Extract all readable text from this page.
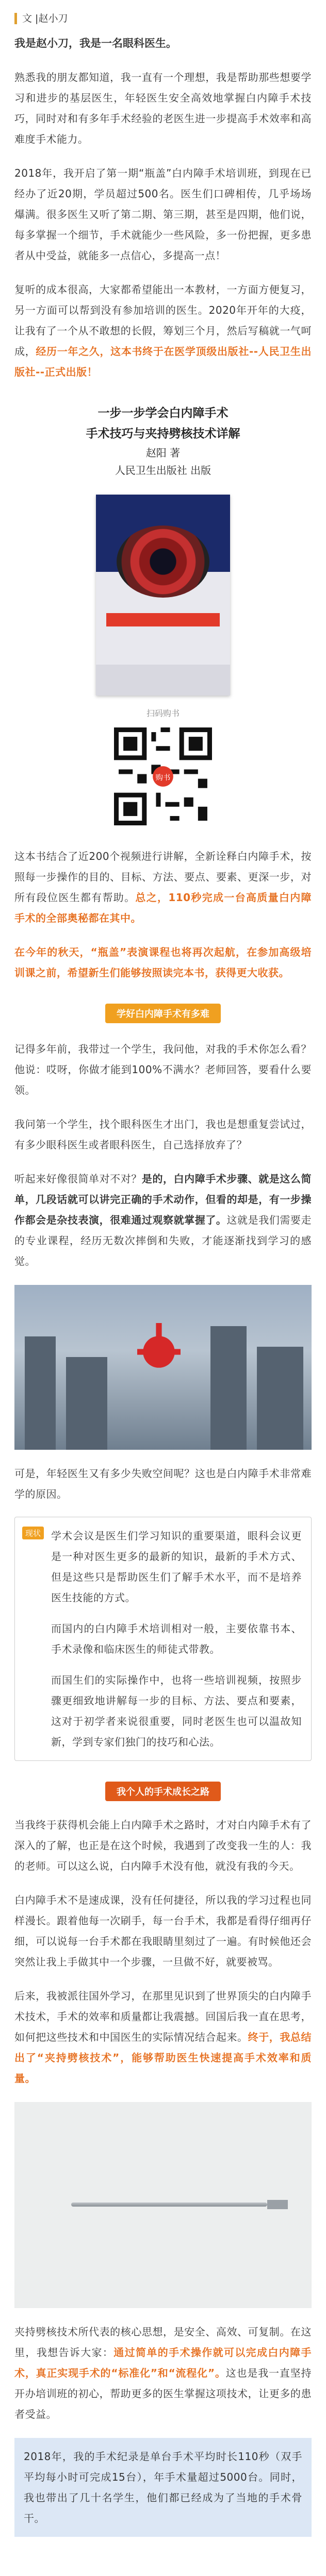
文 | 赵小刀

我是赵小刀，我是一名眼科医生。

熟悉我的朋友都知道，我一直有一个理想，我是帮助那些想要学习和进步的基层医生，年轻医生安全高效地掌握白内障手术技巧，同时对和有多年手术经验的老医生进一步提高手术效率和高难度手术能力。

2018年，我开启了第一期“瓶盖”白内障手术培训班，到现在已经办了近20期，学员超过500名。医生们口碑相传，几乎场场爆满。很多医生又听了第二期、第三期，甚至是四期，他们说，每多掌握一个细节，手术就能少一些风险，多一份把握，更多患者从中受益，就能多一点信心，多提高一点！

复听的成本很高，大家都希望能出一本教材，一方面方便复习，另一方面可以帮到没有参加培训的医生。2020年开年的大疫，让我有了一个从不敢想的长假，筹划三个月，然后写稿就一气呵成，经历一年之久，这本书终于在医学顶级出版社--人民卫生出版社--正式出版！

一步一步学会白内障手术
手术技巧与夹持劈核技术详解
赵阳 著
人民卫生出版社 出版
扫码购书
购书

这本书结合了近200个视频进行讲解，全新诠释白内障手术，按照每一步操作的目的、目标、方法、要点、要素、更深一步，对所有段位医生都有帮助。总之，110秒完成一台高质量白内障手术的全部奥秘都在其中。

在今年的秋天，“瓶盖”表演课程也将再次起航，在参加高级培训课之前，希望新生们能够按照读完本书，获得更大收获。

学好白内障手术有多难

记得多年前，我带过一个学生，我问他，对我的手术你怎么看？他说：哎呀，你做才能到100%不满水？老师回答，要看什么要领。

我问第一个学生，找个眼科医生才出门，我也是想重复尝试过，有多少眼科医生或者眼科医生，自己选择放弃了？

听起来好像很简单对不对？是的，白内障手术步骤、就是这么简单，几段话就可以讲完正确的手术动作，但看的却是，有一步操作都会是杂技表演，很难通过观察就掌握了。这就是我们需要走的专业课程，经历无数次摔倒和失败，才能逐渐找到学习的感觉。

可是，年轻医生又有多少失败空间呢？这也是白内障手术非常难学的原因。

现状 学术会议是医生们学习知识的重要渠道，眼科会议更是一种对医生更多的最新的知识，最新的手术方式、但是这些只是帮助医生们了解手术水平，而不是培养医生技能的方式。

而国内的白内障手术培训相对一般，主要依靠书本、手术录像和临床医生的师徒式带教。

而国生们的实际操作中，也将一些培训视频，按照步骤更细致地讲解每一步的目标、方法、要点和要素，这对于初学者来说很重要，同时老医生也可以温故知新，学到专家们独门的技巧和心法。

我个人的手术成长之路

当我终于获得机会能上白内障手术之路时，才对白内障手术有了深入的了解，也正是在这个时候，我遇到了改变我一生的人：我的老师。可以这么说，白内障手术没有他，就没有我的今天。

白内障手术不是速成课，没有任何捷径，所以我的学习过程也同样漫长。跟着他每一次刷手，每一台手术，我都是看得仔细再仔细，可以说每一台手术都在我眼睛里刻过了一遍。有时候他还会突然让我上手做其中一个步骤，一旦做不好，就要被骂。

后来，我被派往国外学习，在那里见识到了世界顶尖的白内障手术技术，手术的效率和质量都让我震撼。回国后我一直在思考，如何把这些技术和中国医生的实际情况结合起来。终于，我总结出了“夹持劈核技术”，能够帮助医生快速提高手术效率和质量。

夹持劈核技术所代表的核心思想，是安全、高效、可复制。在这里，我想告诉大家：通过简单的手术操作就可以完成白内障手术，真正实现手术的“标准化”和“流程化”。这也是我一直坚持开办培训班的初心，帮助更多的医生掌握这项技术，让更多的患者受益。

2018年，我的手术纪录是单台手术平均时长110秒（双手平均每小时可完成15台），年手术量超过5000台。同时，我也带出了几十名学生，他们都已经成为了当地的手术骨干。
